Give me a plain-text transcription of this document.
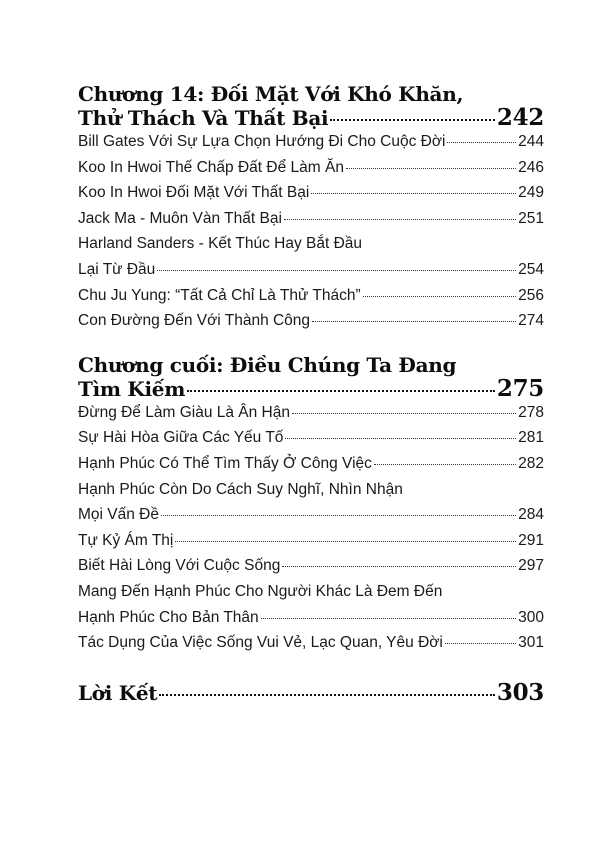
Chương 14: Đối Mặt Với Khó Khăn,
Thử Thách Và Thất Bại	242
Bill Gates Với Sự Lựa Chọn Hướng Đi Cho Cuộc Đời	244
Koo In Hwoi Thế Chấp Đất Để Làm Ăn	246
Koo In Hwoi Đối Mặt Với Thất Bại	249
Jack Ma - Muôn Vàn Thất Bại	251
Harland Sanders - Kết Thúc Hay Bắt Đầu
Lại Từ Đầu	254
Chu Ju Yung: “Tất Cả Chỉ Là Thử Thách”	256
Con Đường Đến Với Thành Công	274
Chương cuối: Điều Chúng Ta Đang
Tìm Kiếm	275
Đừng Để Làm Giàu Là Ân Hận	278
Sự Hài Hòa Giữa Các Yếu Tố	281
Hạnh Phúc Có Thể Tìm Thấy Ở Công Việc	282
Hạnh Phúc Còn Do Cách Suy Nghĩ, Nhìn Nhận
Mọi Vấn Đề	284
Tự Kỷ Ám Thị	291
Biết Hài Lòng Với Cuộc Sống	297
Mang Đến Hạnh Phúc Cho Người Khác Là Đem Đến
Hạnh Phúc Cho Bản Thân	300
Tác Dụng Của Việc Sống Vui Vẻ, Lạc Quan, Yêu Đời	301
Lời Kết	303
